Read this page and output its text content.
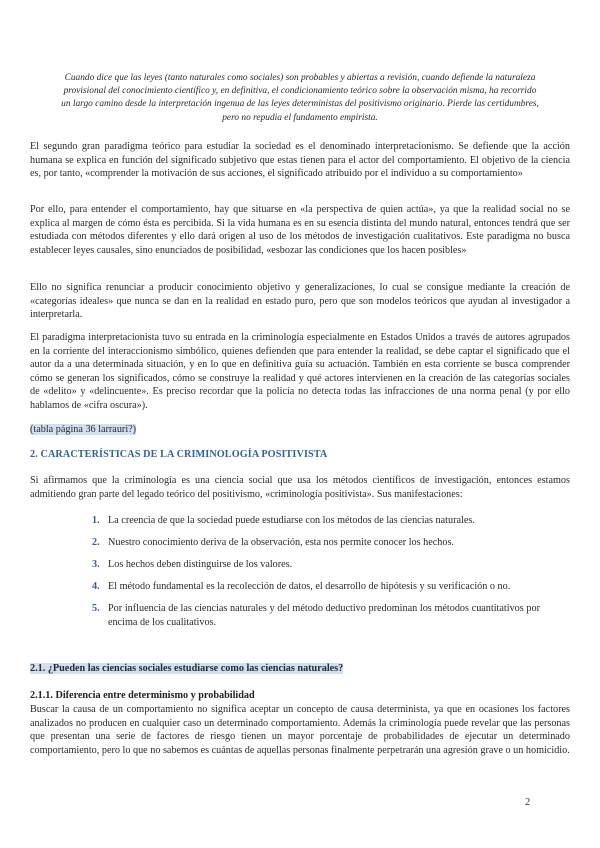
Cuando dice que las leyes (tanto naturales como sociales) son probables y abiertas a revisión, cuando defiende la naturaleza provisional del conocimiento científico y, en definitiva, el condicionamiento teórico sobre la observación misma, ha recorrido un largo camino desde la interpretación ingenua de las leyes deterministas del positivismo originario. Pierde las certidumbres, pero no repudia el fundamento empirista.

El segundo gran paradigma teórico para estudiar la sociedad es el denominado interpretacionismo. Se defiende que la acción humana se explica en función del significado subjetivo que estas tienen para el actor del comportamiento. El objetivo de la ciencia es, por tanto, «comprender la motivación de sus acciones, el significado atribuido por el individuo a su comportamiento»

Por ello, para entender el comportamiento, hay que situarse en «la perspectiva de quien actúa», ya que la realidad social no se explica al margen de cómo ésta es percibida. Si la vida humana es en su esencia distinta del mundo natural, entonces tendrá que ser estudiada con métodos diferentes y ello dará origen al uso de los métodos de investigación cualitativos. Este paradigma no busca establecer leyes causales, sino enunciados de posibilidad, «esbozar las condiciones que los hacen posibles»

Ello no significa renunciar a producir conocimiento objetivo y generalizaciones, lo cual se consigue mediante la creación de «categorías ideales» que nunca se dan en la realidad en estado puro, pero que son modelos teóricos que ayudan al investigador a interpretarla.

El paradigma interpretacionista tuvo su entrada en la criminología especialmente en Estados Unidos a través de autores agrupados en la corriente del interaccionismo simbólico, quienes defienden que para entender la realidad, se debe captar el significado que el autor da a una determinada situación, y en lo que en definitiva guía su actuación. También en esta corriente se busca comprender cómo se generan los significados, cómo se construye la realidad y qué actores intervienen en la creación de las categorías sociales de «delito» y «delincuente». Es preciso recordar que la policía no detecta todas las infracciones de una norma penal (y por ello hablamos de «cifra oscura»).

(tabla página 36 larrauri?)

2. CARACTERÍSTICAS DE LA CRIMINOLOGÍA POSITIVISTA

Si afirmamos que la criminología es una ciencia social que usa los métodos científicos de investigación, entonces estamos admitiendo gran parte del legado teórico del positivismo, «criminología positivista». Sus manifestaciones:

1. La creencia de que la sociedad puede estudiarse con los métodos de las ciencias naturales.
2. Nuestro conocimiento deriva de la observación, esta nos permite conocer los hechos.
3. Los hechos deben distinguirse de los valores.
4. El método fundamental es la recolección de datos, el desarrollo de hipótesis y su verificación o no.
5. Por influencia de las ciencias naturales y del método deductivo predominan los métodos cuantitativos por encima de los cualitativos.

2.1. ¿Pueden las ciencias sociales estudiarse como las ciencias naturales?

2.1.1. Diferencia entre determinismo y probabilidad

Buscar la causa de un comportamiento no significa aceptar un concepto de causa determinista, ya que en ocasiones los factores analizados no producen en cualquier caso un determinado comportamiento. Además la criminología puede revelar que las personas que presentan una serie de factores de riesgo tienen un mayor porcentaje de probabilidades de ejecutar un determinado comportamiento, pero lo que no sabemos es cuántas de aquellas personas finalmente perpetrarán una agresión grave o un homicidio.

2
